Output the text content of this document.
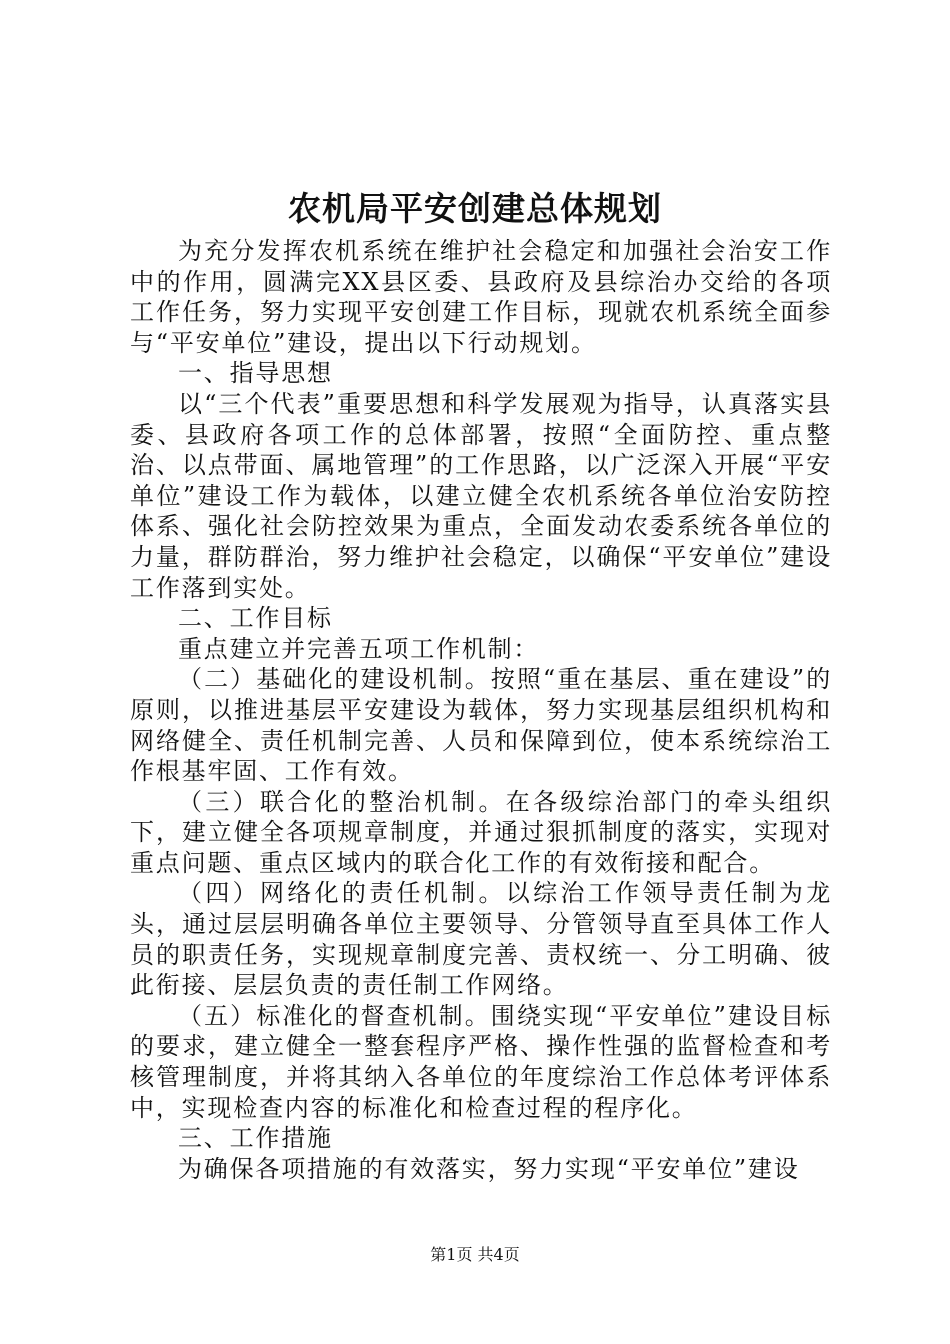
农机局平安创建总体规划

为充分发挥农机系统在维护社会稳定和加强社会治安工作中的作用，圆满完XX县区委、县政府及县综治办交给的各项工作任务，努力实现平安创建工作目标，现就农机系统全面参与“平安单位”建设，提出以下行动规划。

一、指导思想

以“三个代表”重要思想和科学发展观为指导，认真落实县委、县政府各项工作的总体部署，按照“全面防控、重点整治、以点带面、属地管理”的工作思路，以广泛深入开展“平安单位”建设工作为载体，以建立健全农机系统各单位治安防控体系、强化社会防控效果为重点，全面发动农委系统各单位的力量，群防群治，努力维护社会稳定，以确保“平安单位”建设工作落到实处。

二、工作目标

重点建立并完善五项工作机制：

（二）基础化的建设机制。按照“重在基层、重在建设”的原则，以推进基层平安建设为载体，努力实现基层组织机构和网络健全、责任机制完善、人员和保障到位，使本系统综治工作根基牢固、工作有效。

（三）联合化的整治机制。在各级综治部门的牵头组织下，建立健全各项规章制度，并通过狠抓制度的落实，实现对重点问题、重点区域内的联合化工作的有效衔接和配合。

（四）网络化的责任机制。以综治工作领导责任制为龙头，通过层层明确各单位主要领导、分管领导直至具体工作人员的职责任务，实现规章制度完善、责权统一、分工明确、彼此衔接、层层负责的责任制工作网络。

（五）标准化的督查机制。围绕实现“平安单位”建设目标的要求，建立健全一整套程序严格、操作性强的监督检查和考核管理制度，并将其纳入各单位的年度综治工作总体考评体系中，实现检查内容的标准化和检查过程的程序化。

三、工作措施

为确保各项措施的有效落实，努力实现“平安单位”建设

第1页 共4页
